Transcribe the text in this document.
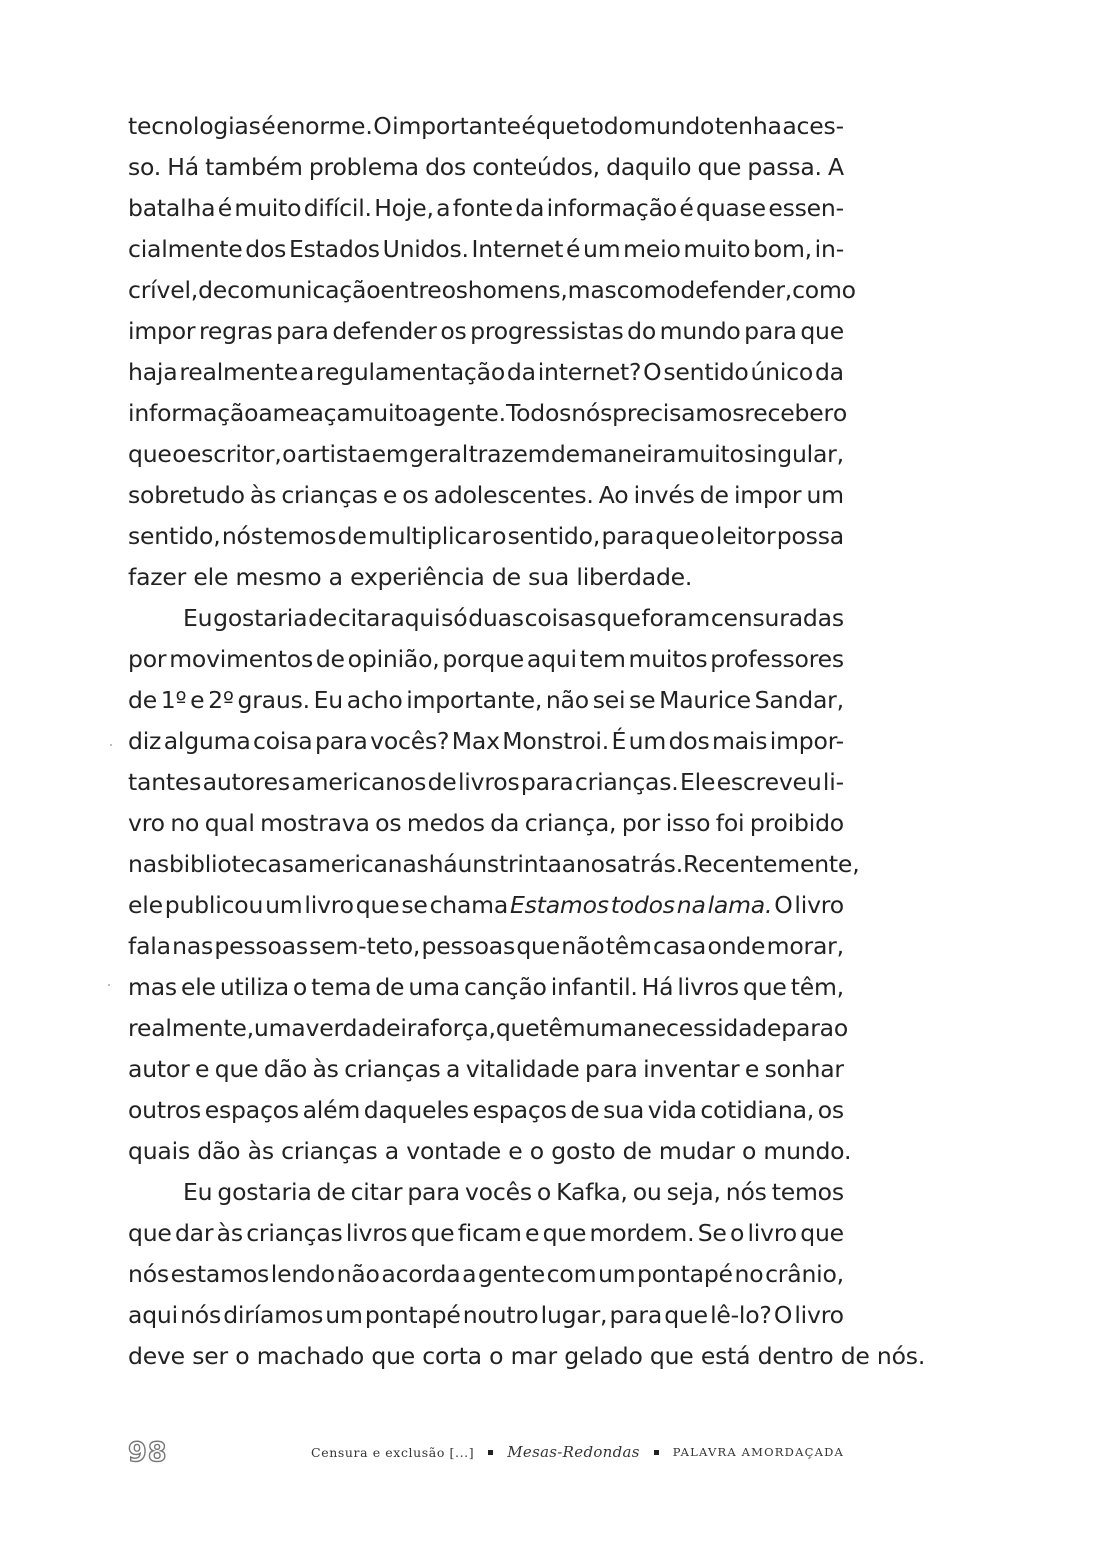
tecnologias é enorme. O importante é que todo mundo tenha aces-
so. Há também problema dos conteúdos, daquilo que passa. A
batalha é muito difícil. Hoje, a fonte da informação é quase essen-
cialmente dos Estados Unidos. Internet é um meio muito bom, in-
crível, de comunicação entre os homens, mas como defender, como
impor regras para defender os progressistas do mundo para que
haja realmente a regulamentação da internet? O sentido único da
informação ameaça muito a gente. Todos nós precisamos receber o
que o escritor, o artista em geral trazem de maneira muito singular,
sobretudo às crianças e os adolescentes. Ao invés de impor um
sentido, nós temos de multiplicar o sentido, para que o leitor possa
fazer ele mesmo a experiência de sua liberdade.
Eu gostaria de citar aqui só duas coisas que foram censuradas
por movimentos de opinião, porque aqui tem muitos professores
de 1º e 2º graus. Eu acho importante, não sei se Maurice Sandar,
diz alguma coisa para vocês? Max Monstroi. É um dos mais impor-
tantes autores americanos de livros para crianças. Ele escreveu li-
vro no qual mostrava os medos da criança, por isso foi proibido
nas bibliotecas americanas há uns trinta anos atrás. Recentemente,
ele publicou um livro que se chama Estamos todos na lama. O livro
fala nas pessoas sem-teto, pessoas que não têm casa onde morar,
mas ele utiliza o tema de uma canção infantil. Há livros que têm,
realmente, uma verdadeira força, que têm uma necessidade para o
autor e que dão às crianças a vitalidade para inventar e sonhar
outros espaços além daqueles espaços de sua vida cotidiana, os
quais dão às crianças a vontade e o gosto de mudar o mundo.
Eu gostaria de citar para vocês o Kafka, ou seja, nós temos
que dar às crianças livros que ficam e que mordem. Se o livro que
nós estamos lendo não acorda a gente com um pontapé no crânio,
aqui nós diríamos um pontapé noutro lugar, para que lê-lo? O livro
deve ser o machado que corta o mar gelado que está dentro de nós.
98	Censura e exclusão [...] Mesas-Redondas	PALAVRA AMORDAÇADA
